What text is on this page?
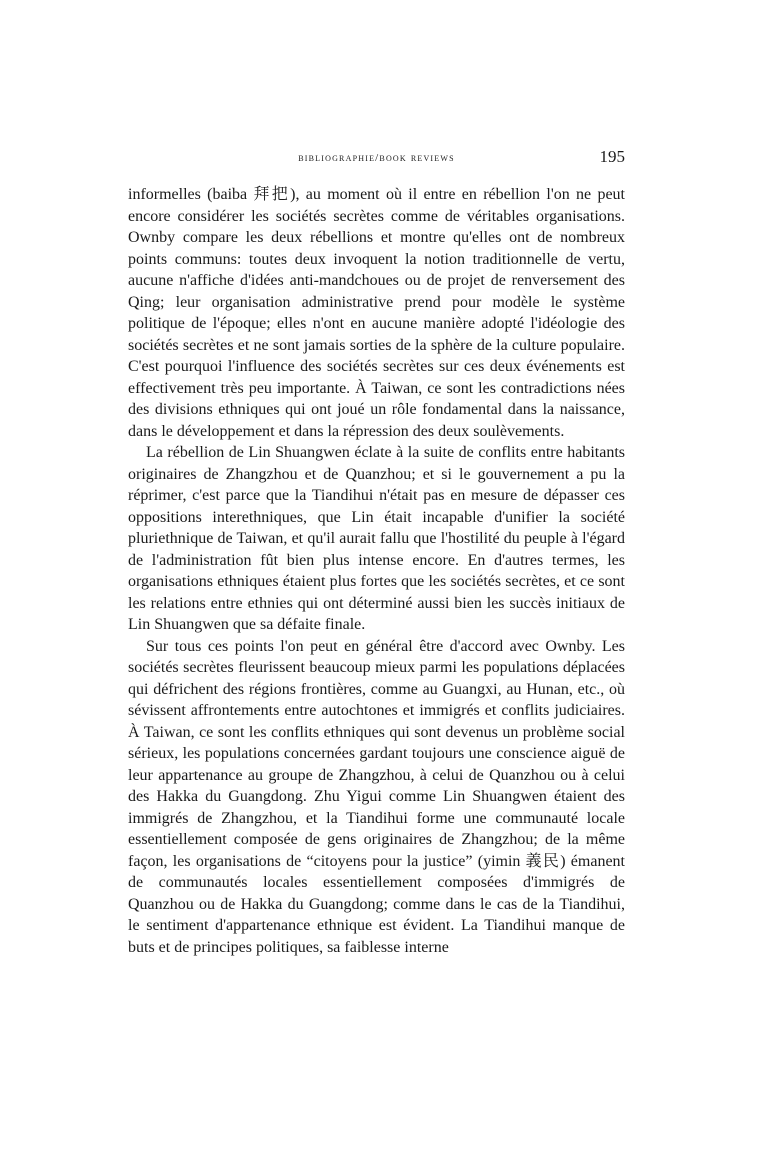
bibliographie/book reviews	195

informelles (baiba 拜把), au moment où il entre en rébellion l'on ne peut encore considérer les sociétés secrètes comme de véritables organisations. Ownby compare les deux rébellions et montre qu'elles ont de nombreux points communs: toutes deux invoquent la notion traditionnelle de vertu, aucune n'affiche d'idées anti-mandchoues ou de projet de renversement des Qing; leur organisation administrative prend pour modèle le système politique de l'époque; elles n'ont en aucune manière adopté l'idéologie des sociétés secrètes et ne sont jamais sorties de la sphère de la culture populaire. C'est pourquoi l'influence des sociétés secrètes sur ces deux événements est effectivement très peu importante. À Taiwan, ce sont les contradictions nées des divisions ethniques qui ont joué un rôle fondamental dans la naissance, dans le développement et dans la répression des deux soulèvements.

La rébellion de Lin Shuangwen éclate à la suite de conflits entre habitants originaires de Zhangzhou et de Quanzhou; et si le gouvernement a pu la réprimer, c'est parce que la Tiandihui n'était pas en mesure de dépasser ces oppositions interethniques, que Lin était incapable d'unifier la société pluriethnique de Taiwan, et qu'il aurait fallu que l'hostilité du peuple à l'égard de l'administration fût bien plus intense encore. En d'autres termes, les organisations ethniques étaient plus fortes que les sociétés secrètes, et ce sont les relations entre ethnies qui ont déterminé aussi bien les succès initiaux de Lin Shuangwen que sa défaite finale.

Sur tous ces points l'on peut en général être d'accord avec Ownby. Les sociétés secrètes fleurissent beaucoup mieux parmi les populations déplacées qui défrichent des régions frontières, comme au Guangxi, au Hunan, etc., où sévissent affrontements entre autochtones et immigrés et conflits judiciaires. À Taiwan, ce sont les conflits ethniques qui sont devenus un problème social sérieux, les populations concernées gardant toujours une conscience aiguë de leur appartenance au groupe de Zhangzhou, à celui de Quanzhou ou à celui des Hakka du Guangdong. Zhu Yigui comme Lin Shuangwen étaient des immigrés de Zhangzhou, et la Tiandihui forme une communauté locale essentiellement composée de gens originaires de Zhangzhou; de la même façon, les organisations de “citoyens pour la justice” (yimin 義民) émanent de communautés locales essentiellement composées d'immigrés de Quanzhou ou de Hakka du Guangdong; comme dans le cas de la Tiandihui, le sentiment d'appartenance ethnique est évident. La Tiandihui manque de buts et de principes politiques, sa faiblesse interne
